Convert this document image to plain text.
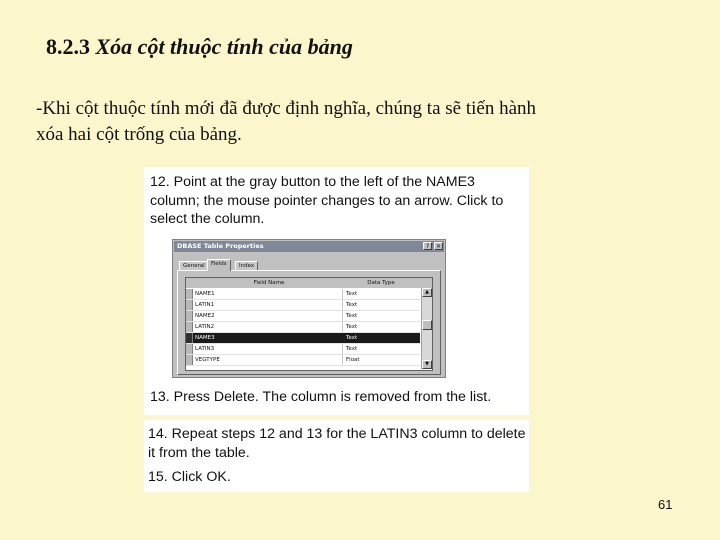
8.2.3 Xóa cột thuộc tính của bảng
-Khi cột thuộc tính mới đã được định nghĩa, chúng ta sẽ tiến hành
xóa hai cột trống của bảng.
12. Point at the gray button to the left of the NAME3
column; the mouse pointer changes to an arrow. Click to
select the column.
DBASE Table Properties	?	×
General	Fields	Index
Field Name	Data Type
NAME1	Text
LATIN1	Text
NAME2	Text
LATIN2	Text
NAME3	Text
LATIN3	Text
VEGTYPE	Float
▲
▼
13. Press Delete. The column is removed from the list.
14. Repeat steps 12 and 13 for the LATIN3 column to delete
it from the table.
15. Click OK.
61
